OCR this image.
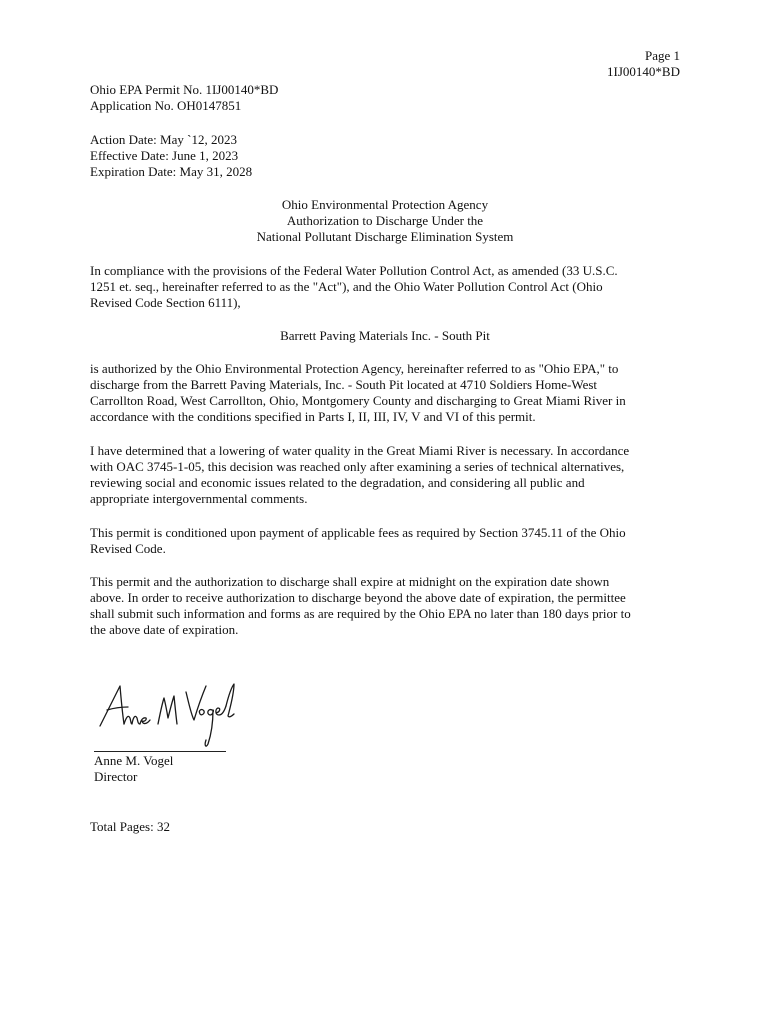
Page 1
1IJ00140*BD
Ohio EPA Permit No. 1IJ00140*BD
Application No. OH0147851
Action Date: May `12, 2023
Effective Date: June 1, 2023
Expiration Date: May 31, 2028
Ohio Environmental Protection Agency
Authorization to Discharge Under the
National Pollutant Discharge Elimination System
In compliance with the provisions of the Federal Water Pollution Control Act, as amended (33 U.S.C.
1251 et. seq., hereinafter referred to as the "Act"), and the Ohio Water Pollution Control Act (Ohio
Revised Code Section 6111),
Barrett Paving Materials Inc. - South Pit
is authorized by the Ohio Environmental Protection Agency, hereinafter referred to as "Ohio EPA," to
discharge from the Barrett Paving Materials, Inc. - South Pit located at 4710 Soldiers Home-West
Carrollton Road, West Carrollton, Ohio, Montgomery County and discharging to Great Miami River in
accordance with the conditions specified in Parts I, II, III, IV, V and VI of this permit.
I have determined that a lowering of water quality in the Great Miami River is necessary. In accordance
with OAC 3745-1-05, this decision was reached only after examining a series of technical alternatives,
reviewing social and economic issues related to the degradation, and considering all public and
appropriate intergovernmental comments.
This permit is conditioned upon payment of applicable fees as required by Section 3745.11 of the Ohio
Revised Code.
This permit and the authorization to discharge shall expire at midnight on the expiration date shown
above. In order to receive authorization to discharge beyond the above date of expiration, the permittee
shall submit such information and forms as are required by the Ohio EPA no later than 180 days prior to
the above date of expiration.
Anne M. Vogel
Director
Total Pages: 32
